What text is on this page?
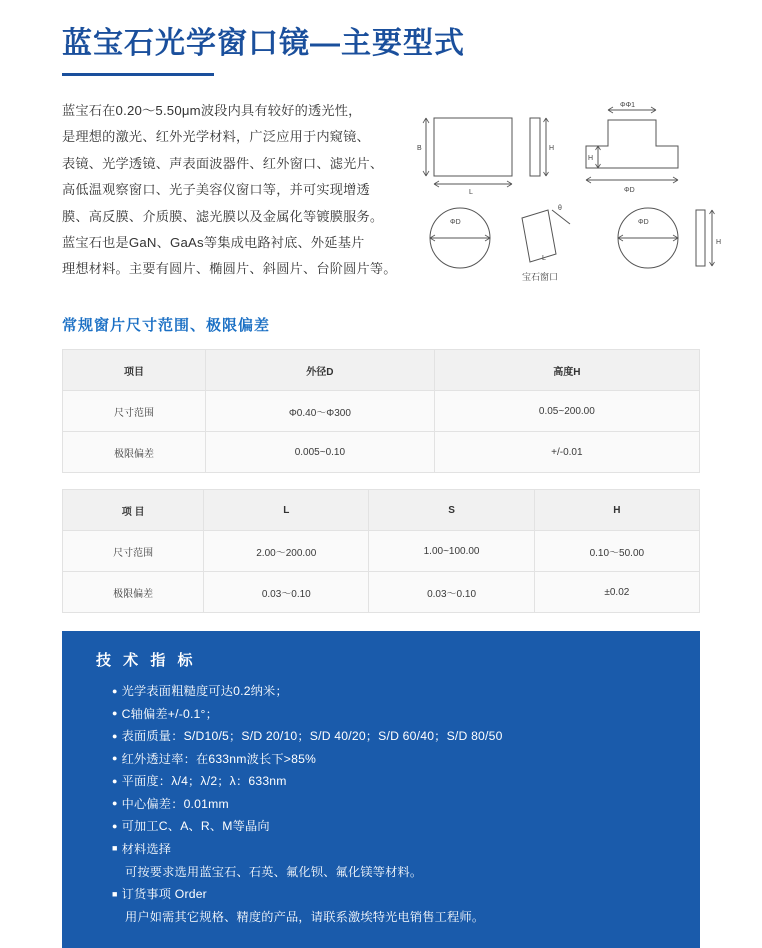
蓝宝石光学窗口镜—主要型式

蓝宝石在0.20～5.50μm波段内具有较好的透光性，

是理想的激光、红外光学材料，广泛应用于内窥镜、

表镜、光学透镜、声表面波器件、红外窗口、滤光片、

高低温观察窗口、光子美容仪窗口等，并可实现增透

膜、高反膜、介质膜、滤光膜以及金属化等镀膜服务。

蓝宝石也是GaN、GaAs等集成电路衬底、外延基片

理想材料。主要有圆片、椭圆片、斜圆片、台阶圆片等。

B
L
H
ΦΦ1
H
ΦD
ΦD
θ
L
ΦD
H
宝石窗口
常规窗片尺寸范围、极限偏差
项目	外径D	高度H
尺寸范围	Φ0.40～Φ300	0.05~200.00
极限偏差	0.005~0.10	+/-0.01
项 目	L	S	H
尺寸范围	2.00～200.00	1.00~100.00	0.10～50.00
极限偏差	0.03～0.10	0.03～0.10	±0.02
技 术 指 标
● 光学表面粗糙度可达0.2纳米；
● C轴偏差+/-0.1°；
● 表面质量：S/D10/5；S/D 20/10；S/D 40/20；S/D 60/40；S/D 80/50
● 红外透过率：在633nm波长下>85%
● 平面度：λ/4；λ/2；λ：633nm
● 中心偏差：0.01mm
● 可加工C、A、R、M等晶向
■ 材料选择
可按要求选用蓝宝石、石英、氟化钡、氟化镁等材料。
■ 订货事项 Order
用户如需其它规格、精度的产品，请联系激埃特光电销售工程师。
